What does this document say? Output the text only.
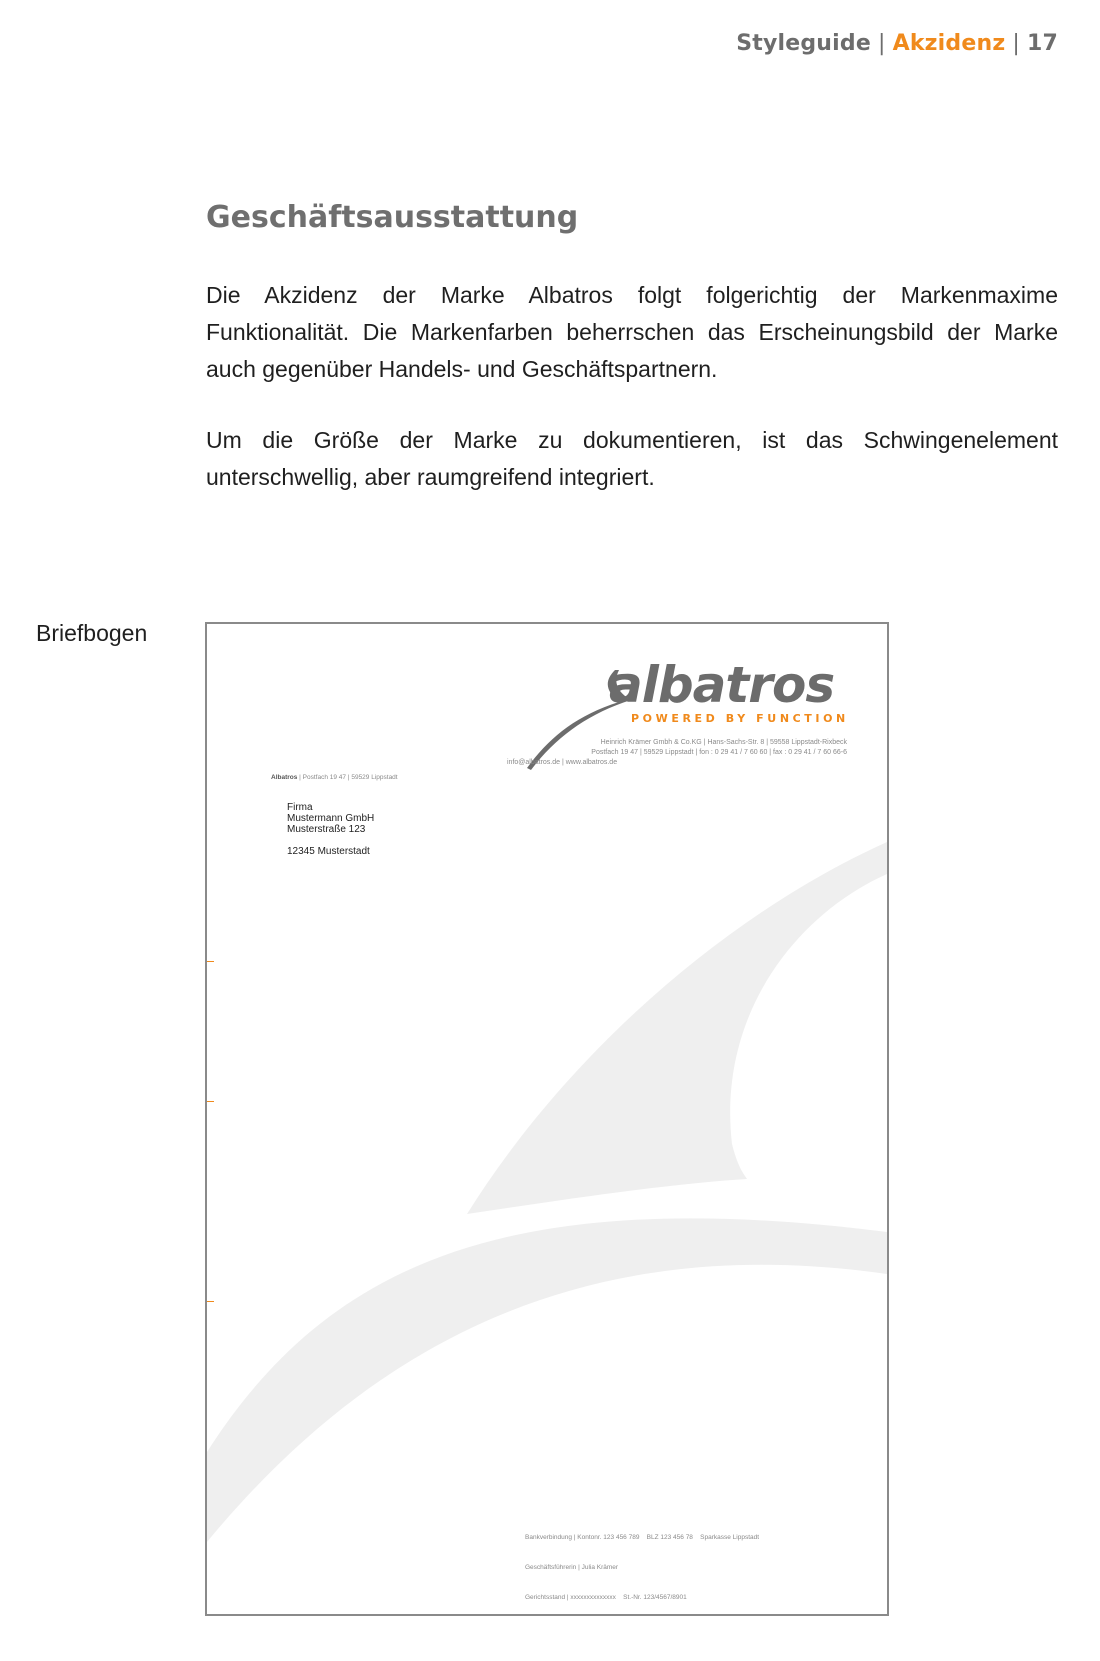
Styleguide | Akzidenz | 17
Geschäftsausstattung

Die Akzidenz der Marke Albatros folgt folgerichtig der Markenmaxime Funktionalität. Die Markenfarben beherrschen das Erscheinungsbild der Marke auch gegenüber Handels- und Geschäftspartnern.

Um die Größe der Marke zu dokumentieren, ist das Schwingenelement unterschwellig, aber raumgreifend integriert.

Briefbogen
albatros
POWERED BY FUNCTION
Heinrich Krämer Gmbh & Co.KG | Hans-Sachs-Str. 8 | 59558 Lippstadt-Rixbeck
Postfach 19 47 | 59529 Lippstadt | fon : 0 29 41 / 7 60 60 | fax : 0 29 41 / 7 60 66-6
info@albatros.de | www.albatros.de
Albatros | Postfach 19 47 | 59529 Lippstadt
Firma
Mustermann GmbH
Musterstraße 123
12345 Musterstadt

Bankverbindung | Kontonr. 123 456 789    BLZ 123 456 78    Sparkasse Lippstadt

Geschäftsführerin | Julia Krämer

Gerichtsstand | xxxxxxxxxxxxxx    St.-Nr. 123/4567/8901
